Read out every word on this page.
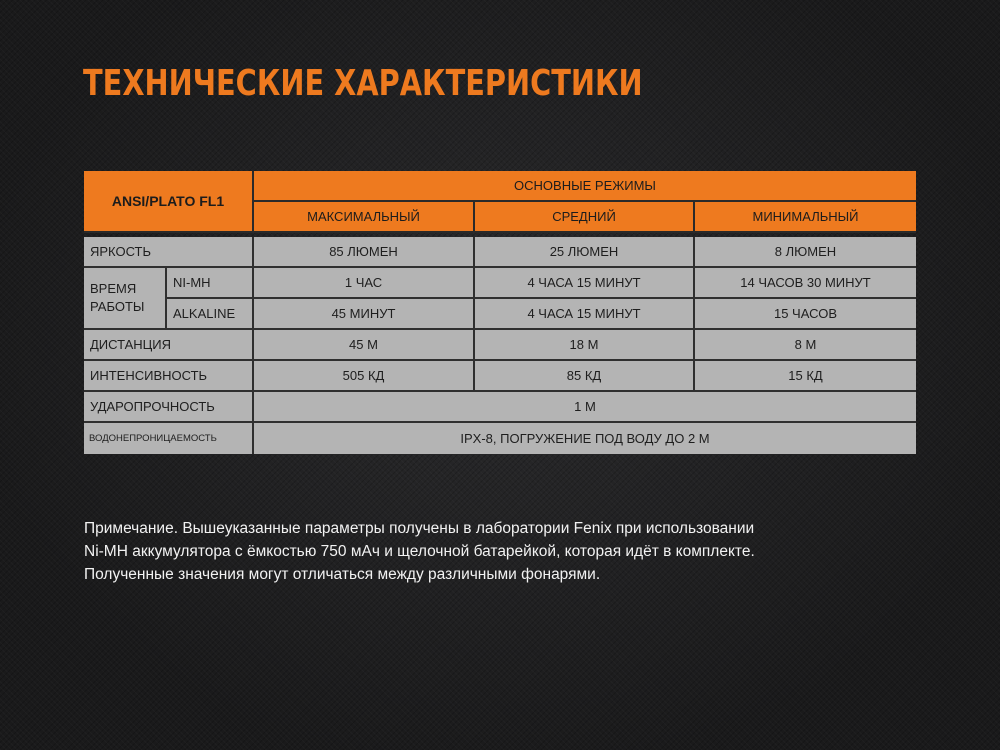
ТЕХНИЧЕСКИЕ ХАРАКТЕРИСТИКИ
ANSI/PLATO FL1		ОСНОВНЫЕ РЕЖИМЫ		
		МАКСИМАЛЬНЫЙ	СРЕДНИЙ	МИНИМАЛЬНЫЙ

ЯРКОСТЬ		85 ЛЮМЕН	25 ЛЮМЕН	8 ЛЮМЕН
ВРЕМЯ
РАБОТЫ	NI-MH	1 ЧАС	4 ЧАСА 15 МИНУТ	14 ЧАСОВ 30 МИНУТ
	ALKALINE	45 МИНУТ	4 ЧАСА 15 МИНУТ	15 ЧАСОВ
ДИСТАНЦИЯ		45 М	18 М	8 М
ИНТЕНСИВНОСТЬ		505 КД	85 КД	15 КД
УДАРОПРОЧНОСТЬ		1 М		
ВОДОНЕПРОНИЦАЕМОСТЬ		IPX-8, ПОГРУЖЕНИЕ ПОД ВОДУ ДО 2 М		

Примечание. Вышеуказанные параметры получены в лаборатории Fenix при использовании
Ni-MH аккумулятора с ёмкостью 750 мАч и щелочной батарейкой, которая идёт в комплекте.
Полученные значения могут отличаться между различными фонарями.
